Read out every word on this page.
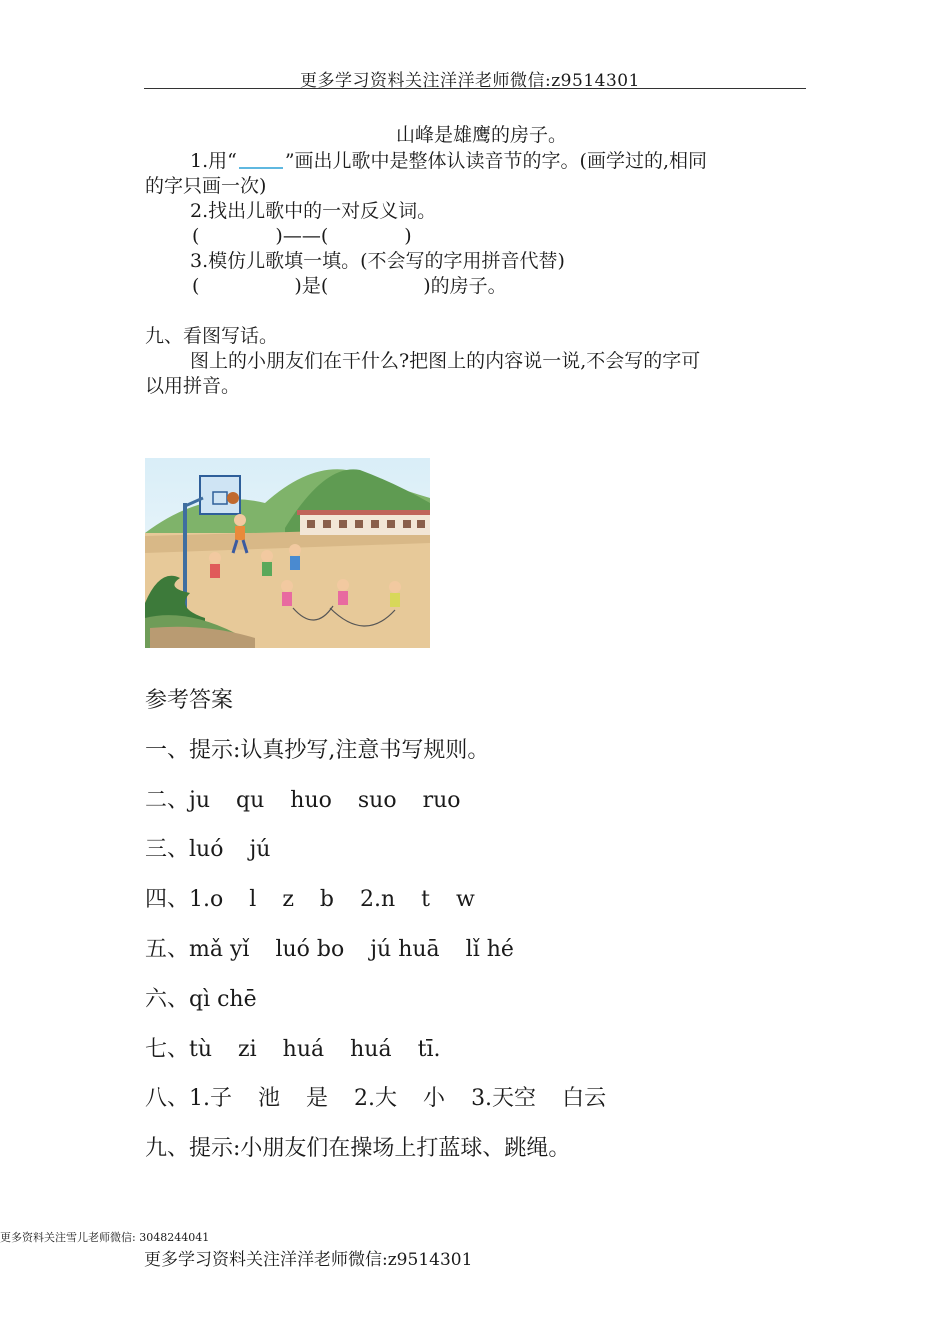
更多学习资料关注洋洋老师微信:z9514301
山峰是雄鹰的房子。
1.用“	”画出儿歌中是整体认读音节的字。(画学过的,相同
的字只画一次)
2.找出儿歌中的一对反义词。
(　　　　)——(　　　　)
3.模仿儿歌填一填。(不会写的字用拼音代替)
(　　　　　)是(　　　　　)的房子。
九、看图写话。
图上的小朋友们在干什么?把图上的内容说一说,不会写的字可
以用拼音。
参考答案
一、提示:认真抄写,注意书写规则。
二、ju qu huo suo ruo
三、luó jú
四、1.o l z b 2.n t w
五、mǎ yǐ luó bo jú huā lǐ hé
六、qì chē
七、tù zi huá huá tī.
八、1.子 池 是 2.大 小 3.天空 白云
九、提示:小朋友们在操场上打蓝球、跳绳。
更多资料关注雪儿老师微信: 3048244041
更多学习资料关注洋洋老师微信:z9514301
